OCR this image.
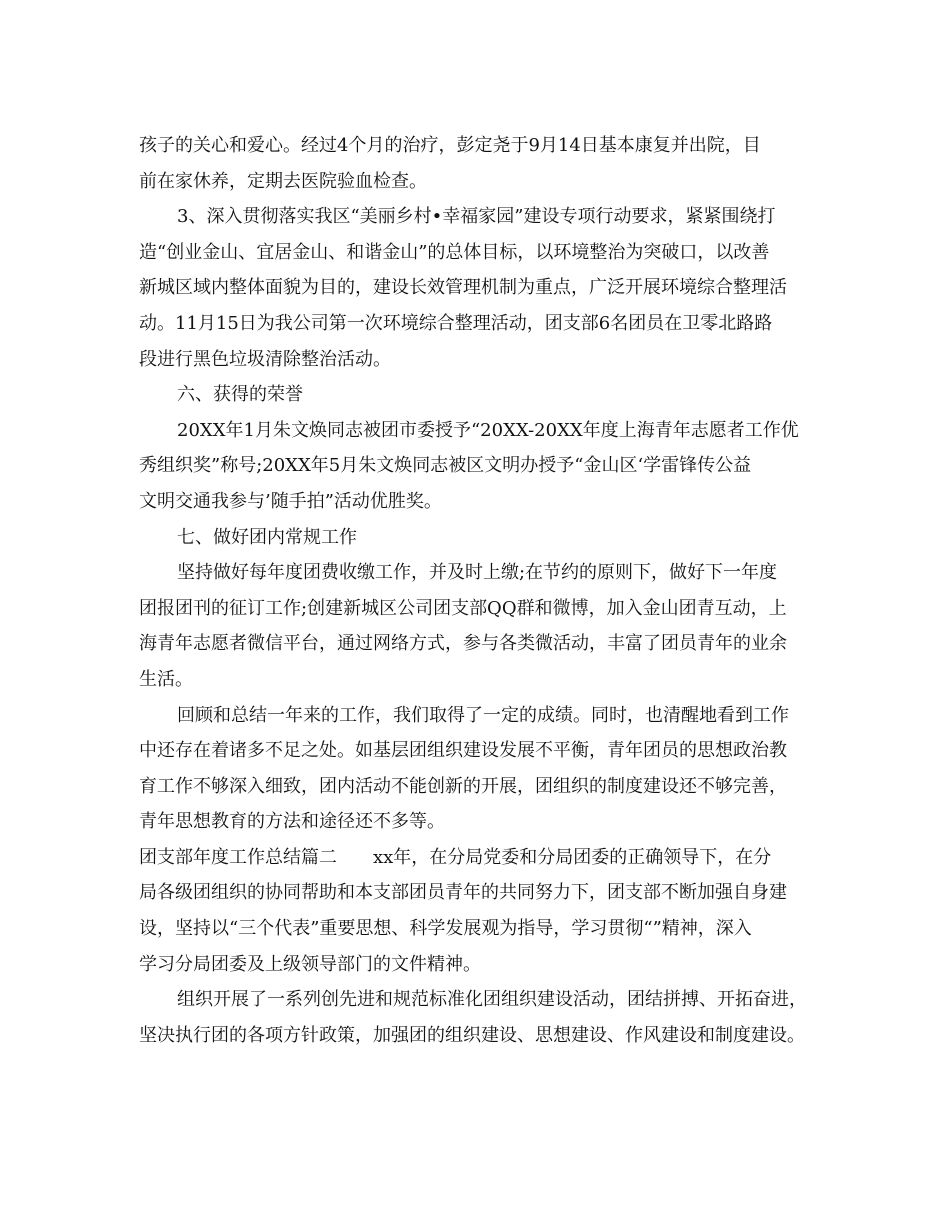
孩子的关心和爱心。经过4个月的治疗，彭定尧于9月14日基本康复并出院，目
前在家休养，定期去医院验血检查。
3、深入贯彻落实我区“美丽乡村•幸福家园”建设专项行动要求，紧紧围绕打
造“创业金山、宜居金山、和谐金山”的总体目标，以环境整治为突破口，以改善
新城区域内整体面貌为目的，建设长效管理机制为重点，广泛开展环境综合整理活
动。11月15日为我公司第一次环境综合整理活动，团支部6名团员在卫零北路路
段进行黑色垃圾清除整治活动。
六、获得的荣誉
20XX年1月朱文焕同志被团市委授予“20XX-20XX年度上海青年志愿者工作优
秀组织奖”称号;20XX年5月朱文焕同志被区文明办授予“金山区‘学雷锋传公益
文明交通我参与’随手拍”活动优胜奖。
七、做好团内常规工作
坚持做好每年度团费收缴工作，并及时上缴;在节约的原则下，做好下一年度
团报团刊的征订工作;创建新城区公司团支部QQ群和微博，加入金山团青互动，上
海青年志愿者微信平台，通过网络方式，参与各类微活动，丰富了团员青年的业余
生活。
回顾和总结一年来的工作，我们取得了一定的成绩。同时，也清醒地看到工作
中还存在着诸多不足之处。如基层团组织建设发展不平衡，青年团员的思想政治教
育工作不够深入细致，团内活动不能创新的开展，团组织的制度建设还不够完善，
青年思想教育的方法和途径还不多等。
团支部年度工作总结篇二　　xx年，在分局党委和分局团委的正确领导下，在分
局各级团组织的协同帮助和本支部团员青年的共同努力下，团支部不断加强自身建
设，坚持以“三个代表”重要思想、科学发展观为指导，学习贯彻“”精神，深入
学习分局团委及上级领导部门的文件精神。
组织开展了一系列创先进和规范标准化团组织建设活动，团结拼搏、开拓奋进，
坚决执行团的各项方针政策，加强团的组织建设、思想建设、作风建设和制度建设。
